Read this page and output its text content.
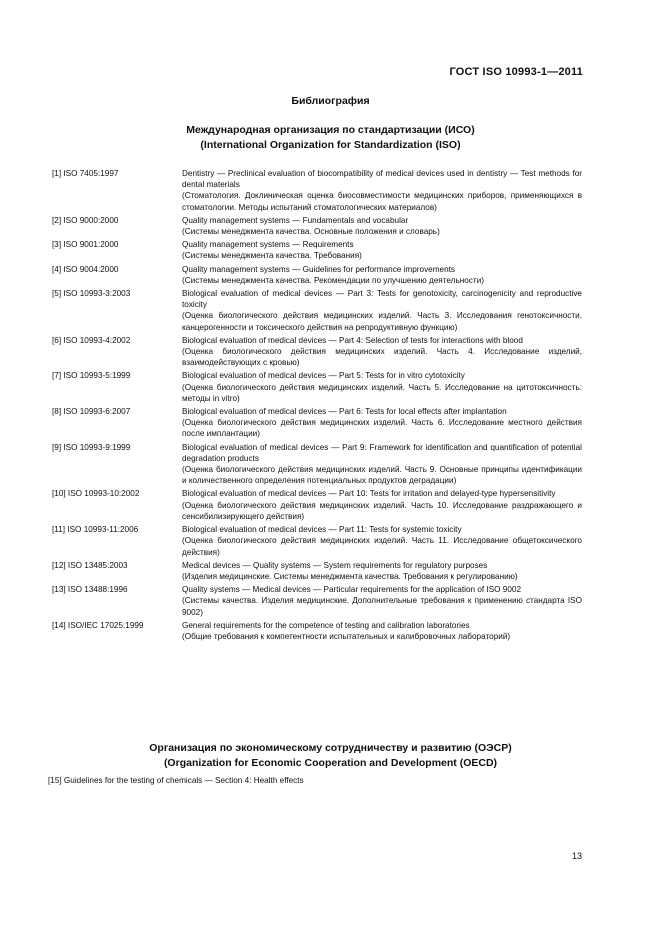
ГОСТ ISO 10993-1—2011
Библиография
Международная организация по стандартизации (ИСО)
(International Organization for Standardization (ISO)
[1] ISO 7405:1997	Dentistry — Preclinical evaluation of biocompatibility of medical devices used in dentistry — Test methods for dental materials
(Стоматология. Доклиническая оценка биосовместимости медицинских приборов, применяющихся в стоматологии. Методы испытаний стоматологических материалов)
[2] ISO 9000:2000	Quality management systems — Fundamentals and vocabular
(Системы менеджмента качества. Основные положения и словарь)
[3] ISO 9001:2000	Quality management systems — Requirements
(Системы менеджмента качества. Требования)
[4] ISO 9004:2000	Quality management systems — Guidelines for performance improvements
(Системы менеджмента качества. Рекомендации по улучшению деятельности)
[5] ISO 10993-3:2003	Biological evaluation of medical devices — Part 3: Tests for genotoxicity, carcinogenicity and reproductive toxicity
(Оценка биологического действия медицинских изделий. Часть 3. Исследования генотоксичности, канцерогенности и токсического действия на репродуктивную функцию)
[6] ISO 10993-4:2002	Biological evaluation of medical devices — Part 4: Selection of tests for interactions with blood
(Оценка биологического действия медицинских изделий. Часть 4. Исследование изделий, взаимодействующих с кровью)
[7] ISO 10993-5:1999	Biological evaluation of medical devices — Part 5: Tests for in vitro cytotoxicity
(Оценка биологического действия медицинских изделий. Часть 5. Исследование на цитотоксичность: методы in vitro)
[8] ISO 10993-6:2007	Biological evaluation of medical devices — Part 6: Tests for local effects after implantation
(Оценка биологического действия медицинских изделий. Часть 6. Исследование местного действия после имплантации)
[9] ISO 10993-9:1999	Biological evaluation of medical devices — Part 9: Framework for identification and quantification of potential degradation products
(Оценка биологического действия медицинских изделий. Часть 9. Основные принципы идентификации и количественного определения потенциальных продуктов деградации)
[10] ISO 10993-10:2002	Biological evaluation of medical devices — Part 10: Tests for irritation and delayed-type hypersensitivity
(Оценка биологического действия медицинских изделий. Часть 10. Исследование раздражающего и сенсибилизирующего действия)
[11] ISO 10993-11:2006	Biological evaluation of medical devices — Part 11: Tests for systemic toxicity
(Оценка биологического действия медицинских изделий. Часть 11. Исследование общетоксического действия)
[12] ISO 13485:2003	Medical devices — Quality systems — System requirements for regulatory purposes
(Изделия медицинские. Системы менеджмента качества. Требования к регулированию)
[13] ISO 13488:1996	Quality systems — Medical devices — Particular requirements for the application of ISO 9002
(Системы качества. Изделия медицинские. Дополнительные требования к применению стандарта ISO 9002)
[14] ISO/IEC 17025:1999	General requirements for the competence of testing and calibration laboratories
(Общие требования к компетентности испытательных и калибровочных лабораторий)
Организация по экономическому сотрудничеству и развитию (ОЭСР)
(Organization for Economic Cooperation and Development (OECD)
[15] Guidelines for the testing of chemicals — Section 4: Health effects
13
